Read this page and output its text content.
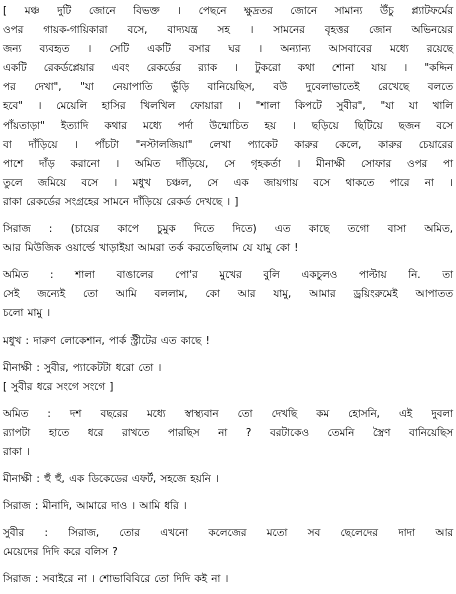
[ মঞ্চ দুটি জোনে বিভক্ত । পেছনে ক্ষুদ্রতর জোনে সামান্য উঁচু প্ল্যাটফর্মের
ওপর গায়ক-গায়িকারা বসে, বাদ্যযন্ত্র সহ । সামনের বৃহত্তর জোন অভিনয়ের
জন্য ব্যবহৃত । সেটি একটি বসার ঘর । অন্যান্য আসবাবের মধ্যে রয়েছে
একটি রেকর্ডপ্লেয়ার এবং রেকর্ডের র‍্যাক । টুকরো কথা শোনা যায় । "কদ্দিন
পর দেখা", "যা নেয়াপাতি ভুঁড়ি বানিয়েছিস, বউ দুবেলাভাতেই রেখেছে বলতে
হবে" । মেয়েলি হাসির খিলখিল ফোয়ারা । "শালা কিপটে সুবীর", "যা যা খালি
পাঁয়তাড়া" ইত্যাদি কথার মধ্যে পর্দা উন্মোচিত হয় । ছড়িয়ে ছিটিয়ে ছজন বসে
বা দাঁড়িয়ে । পাঁচটা "নস্টালজিয়া" লেখা প্যাকেট কারুর কেলে, কারুর চেয়ারের
পাশে দাঁড় করানো । অমিত দাঁড়িয়ে, সে গৃহকর্তা । মীনাক্ষী সোফার ওপর পা
তুলে জমিয়ে বসে । মধুখ চঞ্চল, সে এক জায়গায় বসে থাকতে পারে না ।
রাকা রেকর্ডের সংগ্রহের সামনে দাঁড়িয়ে রেকর্ড দেখছে । ]
সিরাজ : (চায়ের কাপে চুমুক দিতে দিতে) এত কাছে তগো বাসা অমিত,
আর মিউজিক ওয়ার্ল্ডে খাড়াইয়া আমরা তর্ক করতেছিলাম যে যামু কো !
অমিত : শালা বাঙালের পো'র মুখের বুলি একচুলও পাল্টায় নি. তা
সেই জন্যেই তো আমি বললাম, কো আর যামু, আমার ড্রয়িংরুমেই আপাতত
চলো মামু ।
মধুখ : দারুণ লোকেশান, পার্ক স্ট্রীটের এত কাছে !
মীনাক্ষী : সুবীর, প্যাকেটটা ধরো তো ।
[ সুবীর ধরে সংগে সংগে ]
অমিত : দশ বছরের মধ্যে স্বাস্থ্যবান তো দেখছি কম হোসনি, এই দুবলা
র‍্যাপটা হাতে ধরে রাখতে পারছিস না ? বরটাকেও তেমনি স্ত্রৈণ বানিয়েছিস
রাকা ।
মীনাক্ষী : হুঁ হুঁ, এক ডিকেডের এফর্ট, সহজে হয়নি ।
সিরাজ : মীনাদি, আমারে দাও । আমি ধরি ।
সুবীর : সিরাজ, তোর এখনো কলেজের মতো সব ছেলেদের দাদা আর
মেয়েদের দিদি করে বলিস ?
সিরাজ : সবাইরে না । শোভাবিবিরে তো দিদি কই না ।
